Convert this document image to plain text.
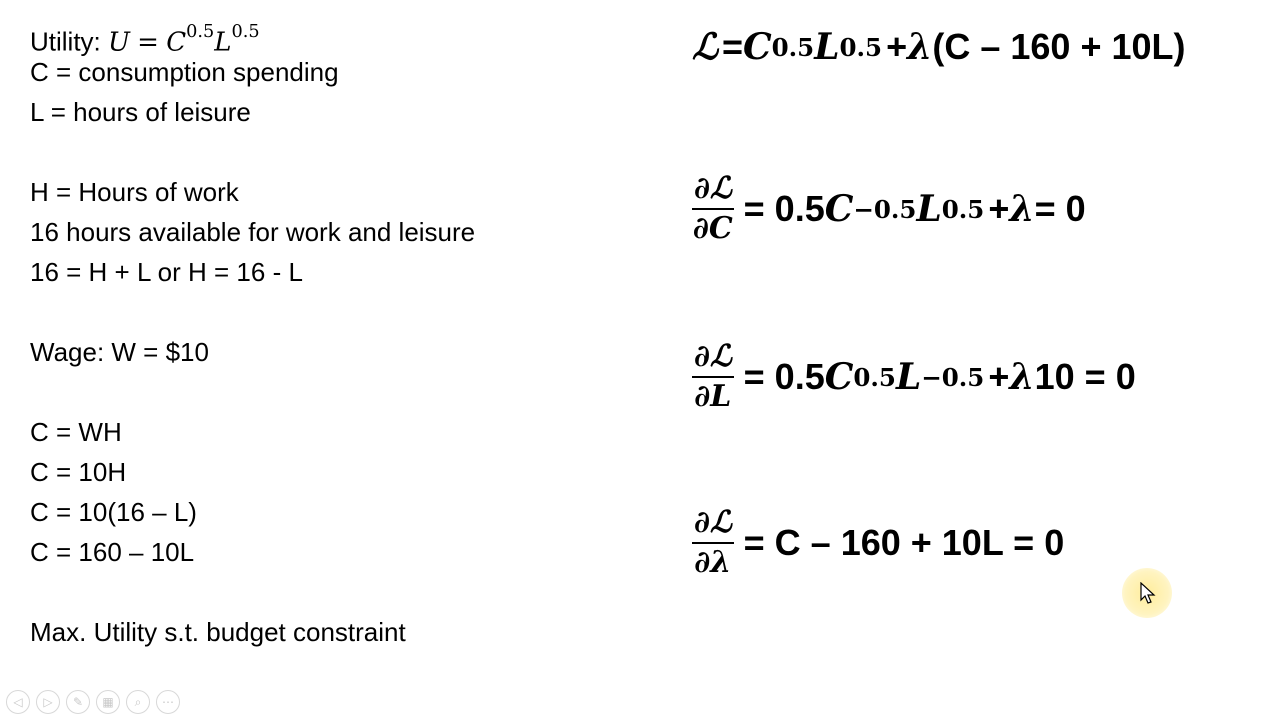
Utility: $U = C^{0.5}L^{0.5}$
C = consumption spending
L = hours of leisure
H = Hours of work
16 hours available for work and leisure
16 = H + L or H = 16 - L
Wage: W = $10
C = WH
C = 10H
C = 10(16 – L)
C = 160 – 10L
Max. Utility s.t. budget constraint
ℒ = C 0.5 L 0.5 + λ (C – 160 + 10L)
$\frac{\text{∂ℒ}}{\partial C} = 0.5$ C −0.5 L 0.5 + λ = 0
$\frac{\text{∂ℒ}}{\partial L} = 0.5$ C 0.5 L −0.5 + λ 10 = 0
$\frac{\text{∂ℒ}}{\partial\lambda} = C - 160 + 10L = 0$
◁	▷	✎	▦	⌕	⋯
